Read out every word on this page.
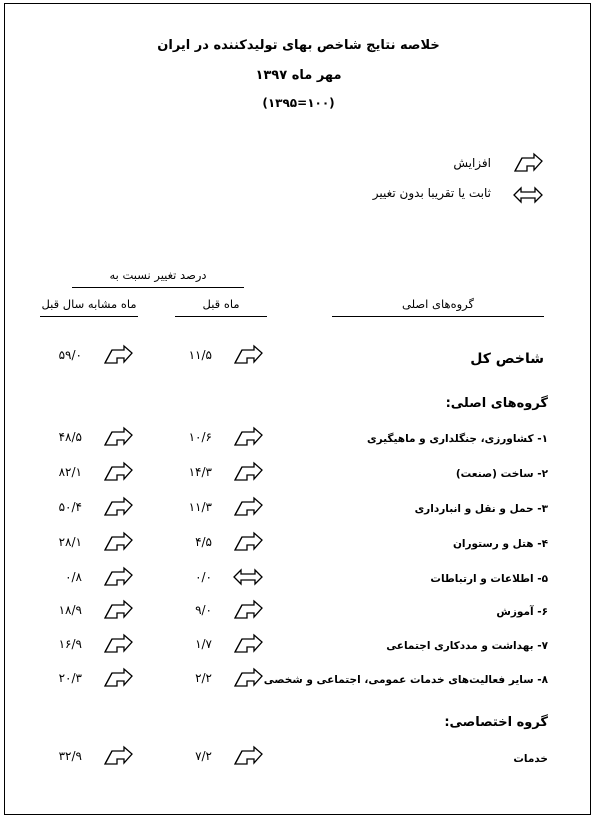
خلاصه نتایج شاخص بهای تولیدکننده در ایران
مهر ماه ۱۳۹۷
(۱۰۰=۱۳۹۵)
افزایش
ثابت یا تقریبا بدون تغییر
درصد تغییر نسبت به
ماه مشابه سال قبل	ماه قبل	گروه‌های اصلی
شاخص کل
۱۱/۵
۵۹/۰
گروه‌های اصلی:
۱- کشاورزی، جنگلداری و ماهیگیری
۱۰/۶
۴۸/۵
۲- ساخت (صنعت)
۱۴/۳
۸۲/۱
۳- حمل و نقل و انبارداری
۱۱/۳
۵۰/۴
۴- هتل و رستوران
۴/۵
۲۸/۱
۵- اطلاعات و ارتباطات
۰/۰
۰/۸
۶- آموزش
۹/۰
۱۸/۹
۷- بهداشت و مددکاری اجتماعی
۱/۷
۱۶/۹
۸- سایر فعالیت‌های خدمات عمومی، اجتماعی و شخصی
۲/۲
۲۰/۳
گروه اختصاصی:
خدمات
۷/۲
۳۲/۹
